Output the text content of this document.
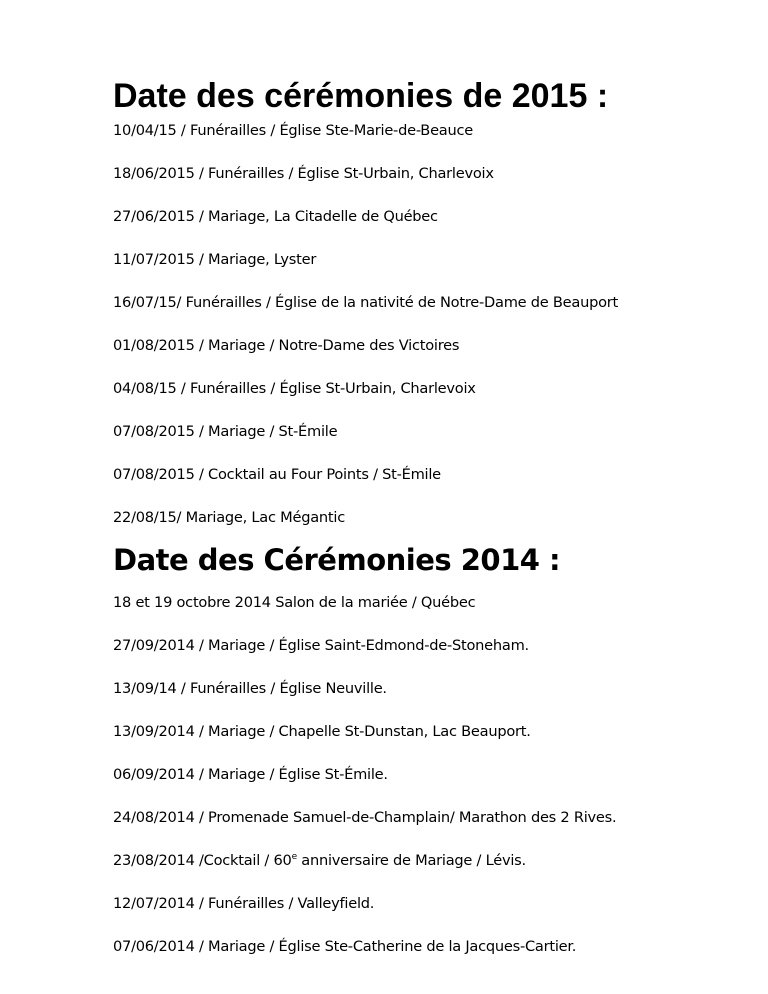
Date des cérémonies de 2015 :
10/04/15 / Funérailles / Église Ste-Marie-de-Beauce
18/06/2015 / Funérailles / Église St-Urbain, Charlevoix
27/06/2015 / Mariage, La Citadelle de Québec
11/07/2015 / Mariage, Lyster
16/07/15/ Funérailles / Église de la nativité de Notre-Dame de Beauport
01/08/2015 / Mariage / Notre-Dame des Victoires
04/08/15 / Funérailles / Église St-Urbain, Charlevoix
07/08/2015 / Mariage / St-Émile
07/08/2015 / Cocktail au Four Points / St-Émile
22/08/15/ Mariage, Lac Mégantic
Date des Cérémonies 2014 :
18 et 19 octobre 2014 Salon de la mariée / Québec
27/09/2014 / Mariage / Église Saint-Edmond-de-Stoneham.
13/09/14 / Funérailles / Église Neuville.
13/09/2014 / Mariage / Chapelle St-Dunstan, Lac Beauport.
06/09/2014 / Mariage / Église St-Émile.
24/08/2014 / Promenade Samuel-de-Champlain/ Marathon des 2 Rives.
23/08/2014 /Cocktail / 60e anniversaire de Mariage / Lévis.
12/07/2014 / Funérailles / Valleyfield.
07/06/2014 / Mariage / Église Ste-Catherine de la Jacques-Cartier.
